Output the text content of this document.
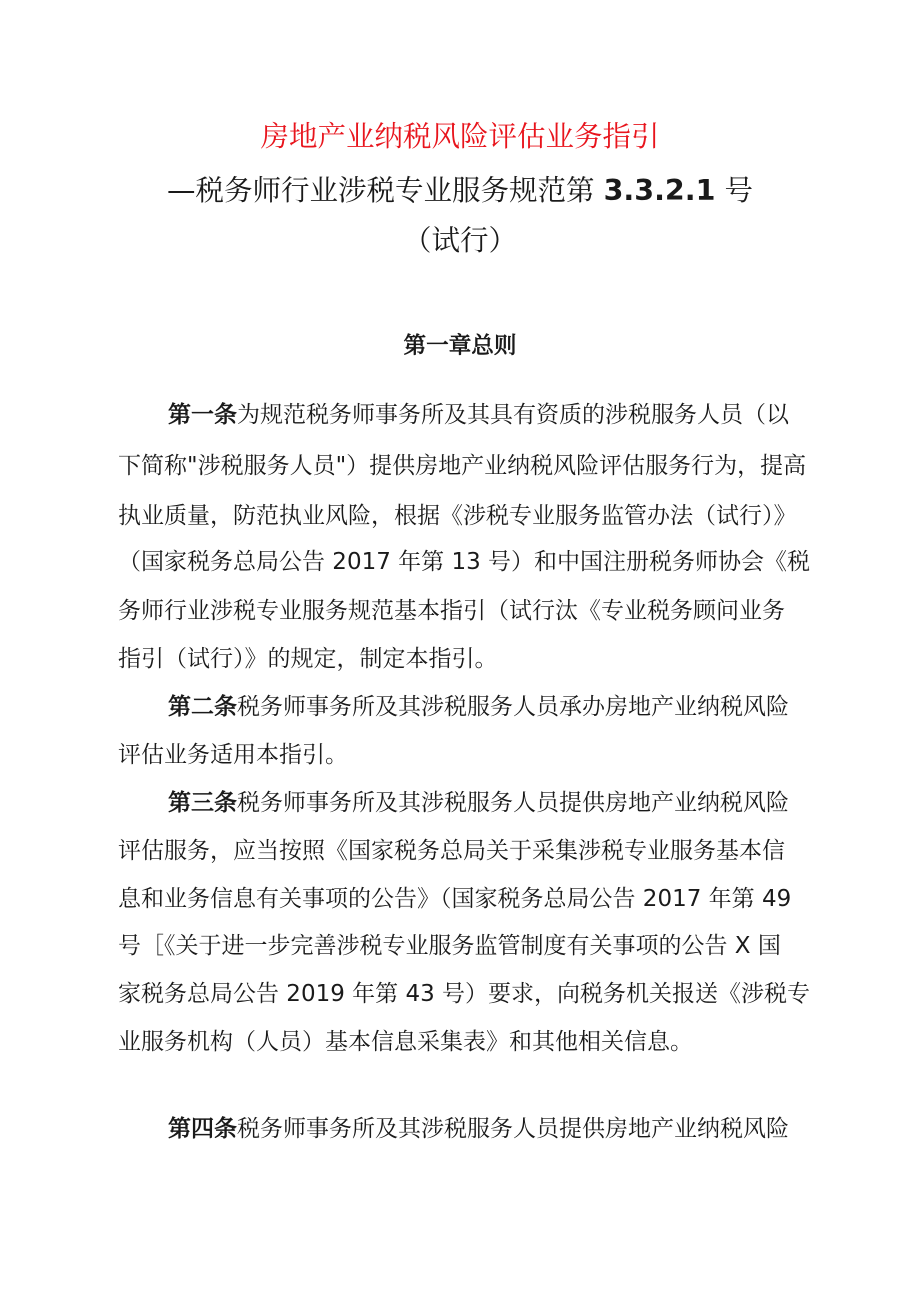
房地产业纳税风险评估业务指引
—税务师行业涉税专业服务规范第 3.3.2.1 号
（试行）
第一章总则
第一条为规范税务师事务所及其具有资质的涉税服务人员（以
下简称"涉税服务人员"）提供房地产业纳税风险评估服务行为，提高
执业质量，防范执业风险，根据《涉税专业服务监管办法（试行）》
（国家税务总局公告 2017 年第 13 号）和中国注册税务师协会《税
务师行业涉税专业服务规范基本指引（试行汰《专业税务顾问业务
指引（试行）》的规定，制定本指引。
第二条税务师事务所及其涉税服务人员承办房地产业纳税风险
评估业务适用本指引。
第三条税务师事务所及其涉税服务人员提供房地产业纳税风险
评估服务，应当按照《国家税务总局关于采集涉税专业服务基本信
息和业务信息有关事项的公告》（国家税务总局公告 2017 年第 49
号［《关于进一步完善涉税专业服务监管制度有关事项的公告 X 国
家税务总局公告 2019 年第 43 号）要求，向税务机关报送《涉税专
业服务机构（人员）基本信息采集表》和其他相关信息。
第四条税务师事务所及其涉税服务人员提供房地产业纳税风险
